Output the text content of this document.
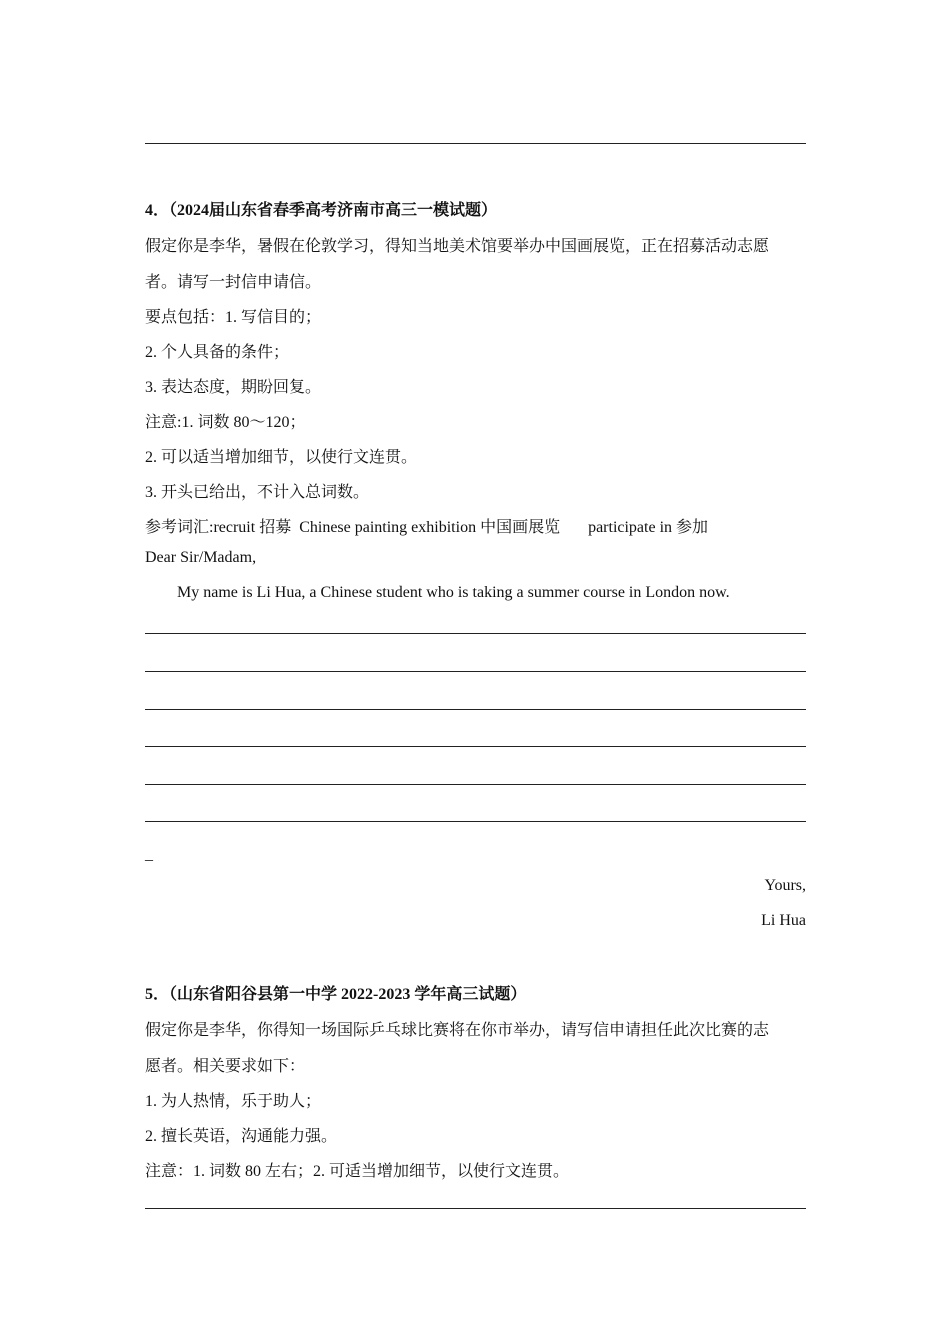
4．（2024届山东省春季高考济南市高三一模试题）
假定你是李华，暑假在伦敦学习，得知当地美术馆要举办中国画展览，正在招募活动志愿
者。请写一封信申请信。
要点包括：1. 写信目的；
2. 个人具备的条件；
3. 表达态度，期盼回复。
注意:1. 词数 80～120；
2. 可以适当增加细节，以使行文连贯。
3. 开头已给出，不计入总词数。
参考词汇:recruit 招募  Chinese painting exhibition 中国画展览       participate in 参加
Dear Sir/Madam,
My name is Li Hua, a Chinese student who is taking a summer course in London now.
_
Yours,
Li Hua
5．（山东省阳谷县第一中学 2022-2023 学年高三试题）
假定你是李华，你得知一场国际乒乓球比赛将在你市举办，请写信申请担任此次比赛的志
愿者。相关要求如下：
1. 为人热情，乐于助人；
2. 擅长英语，沟通能力强。
注意：1. 词数 80 左右；2. 可适当增加细节，以使行文连贯。
